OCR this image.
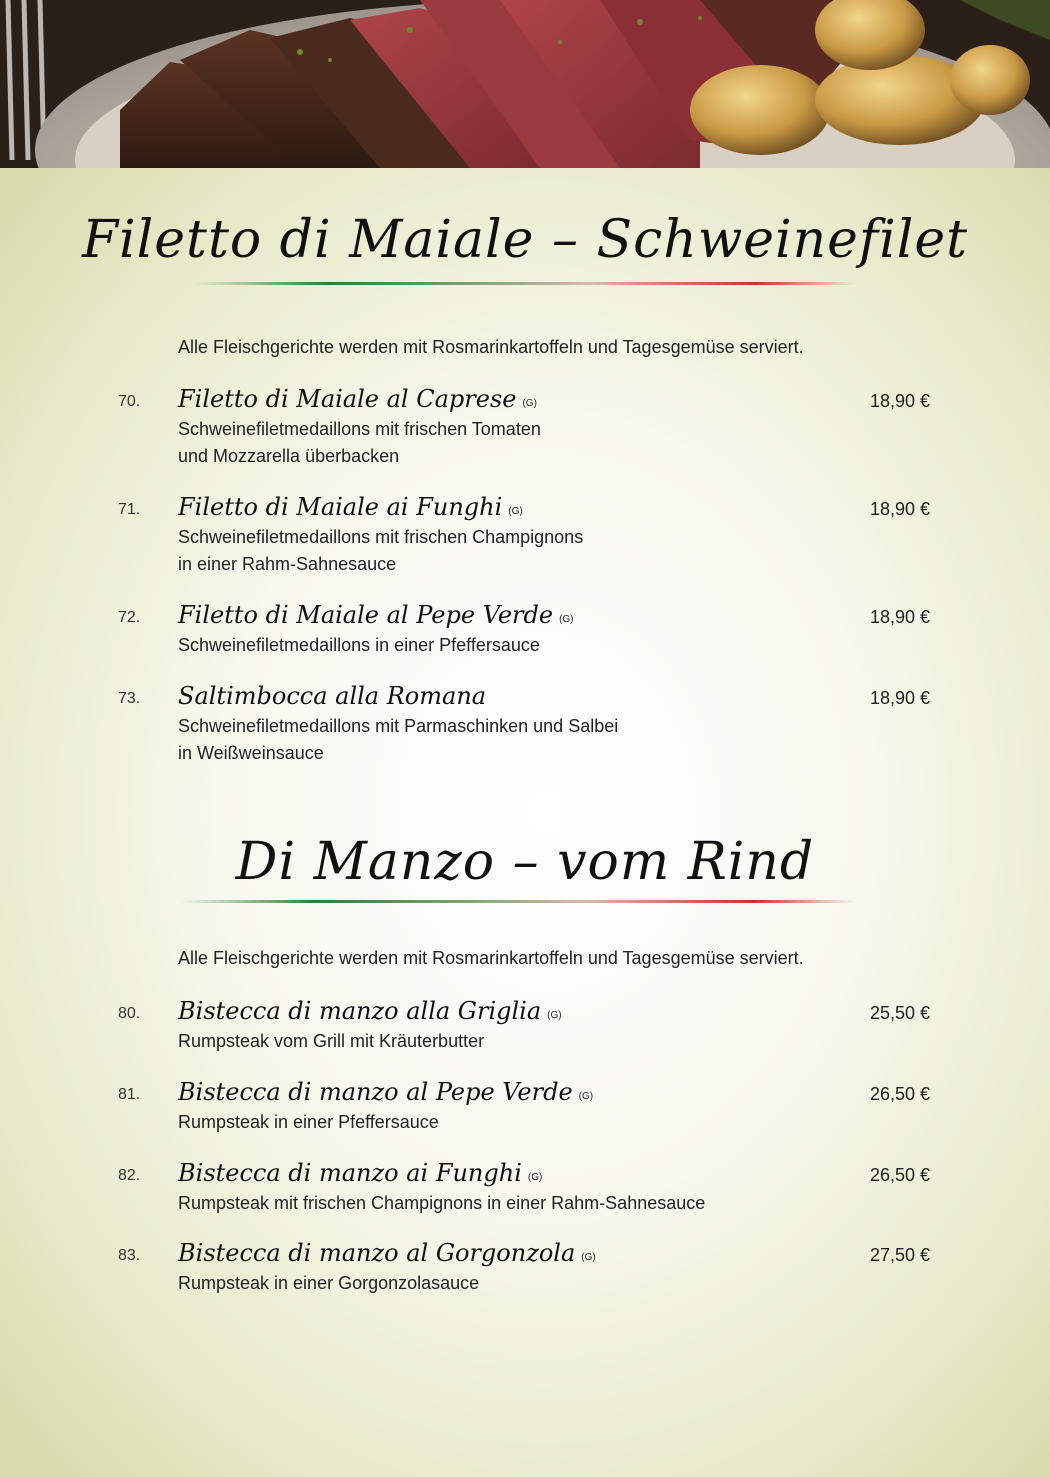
Filetto di Maiale – Schweinefilet
Alle Fleischgerichte werden mit Rosmarinkartoffeln und Tagesgemüse serviert.
70. Filetto di Maiale al Caprese (G)	18,90 €
Schweinefiletmedaillons mit frischen Tomaten
und Mozzarella überbacken
71. Filetto di Maiale ai Funghi (G)	18,90 €
Schweinefiletmedaillons mit frischen Champignons
in einer Rahm-Sahnesauce
72. Filetto di Maiale al Pepe Verde (G)	18,90 €
Schweinefiletmedaillons in einer Pfeffersauce
73. Saltimbocca alla Romana	18,90 €
Schweinefiletmedaillons mit Parmaschinken und Salbei
in Weißweinsauce
Di Manzo – vom Rind
Alle Fleischgerichte werden mit Rosmarinkartoffeln und Tagesgemüse serviert.
80. Bistecca di manzo alla Griglia (G)	25,50 €
Rumpsteak vom Grill mit Kräuterbutter
81. Bistecca di manzo al Pepe Verde (G)	26,50 €
Rumpsteak in einer Pfeffersauce
82. Bistecca di manzo ai Funghi (G)	26,50 €
Rumpsteak mit frischen Champignons in einer Rahm-Sahnesauce
83. Bistecca di manzo al Gorgonzola (G)	27,50 €
Rumpsteak in einer Gorgonzolasauce
